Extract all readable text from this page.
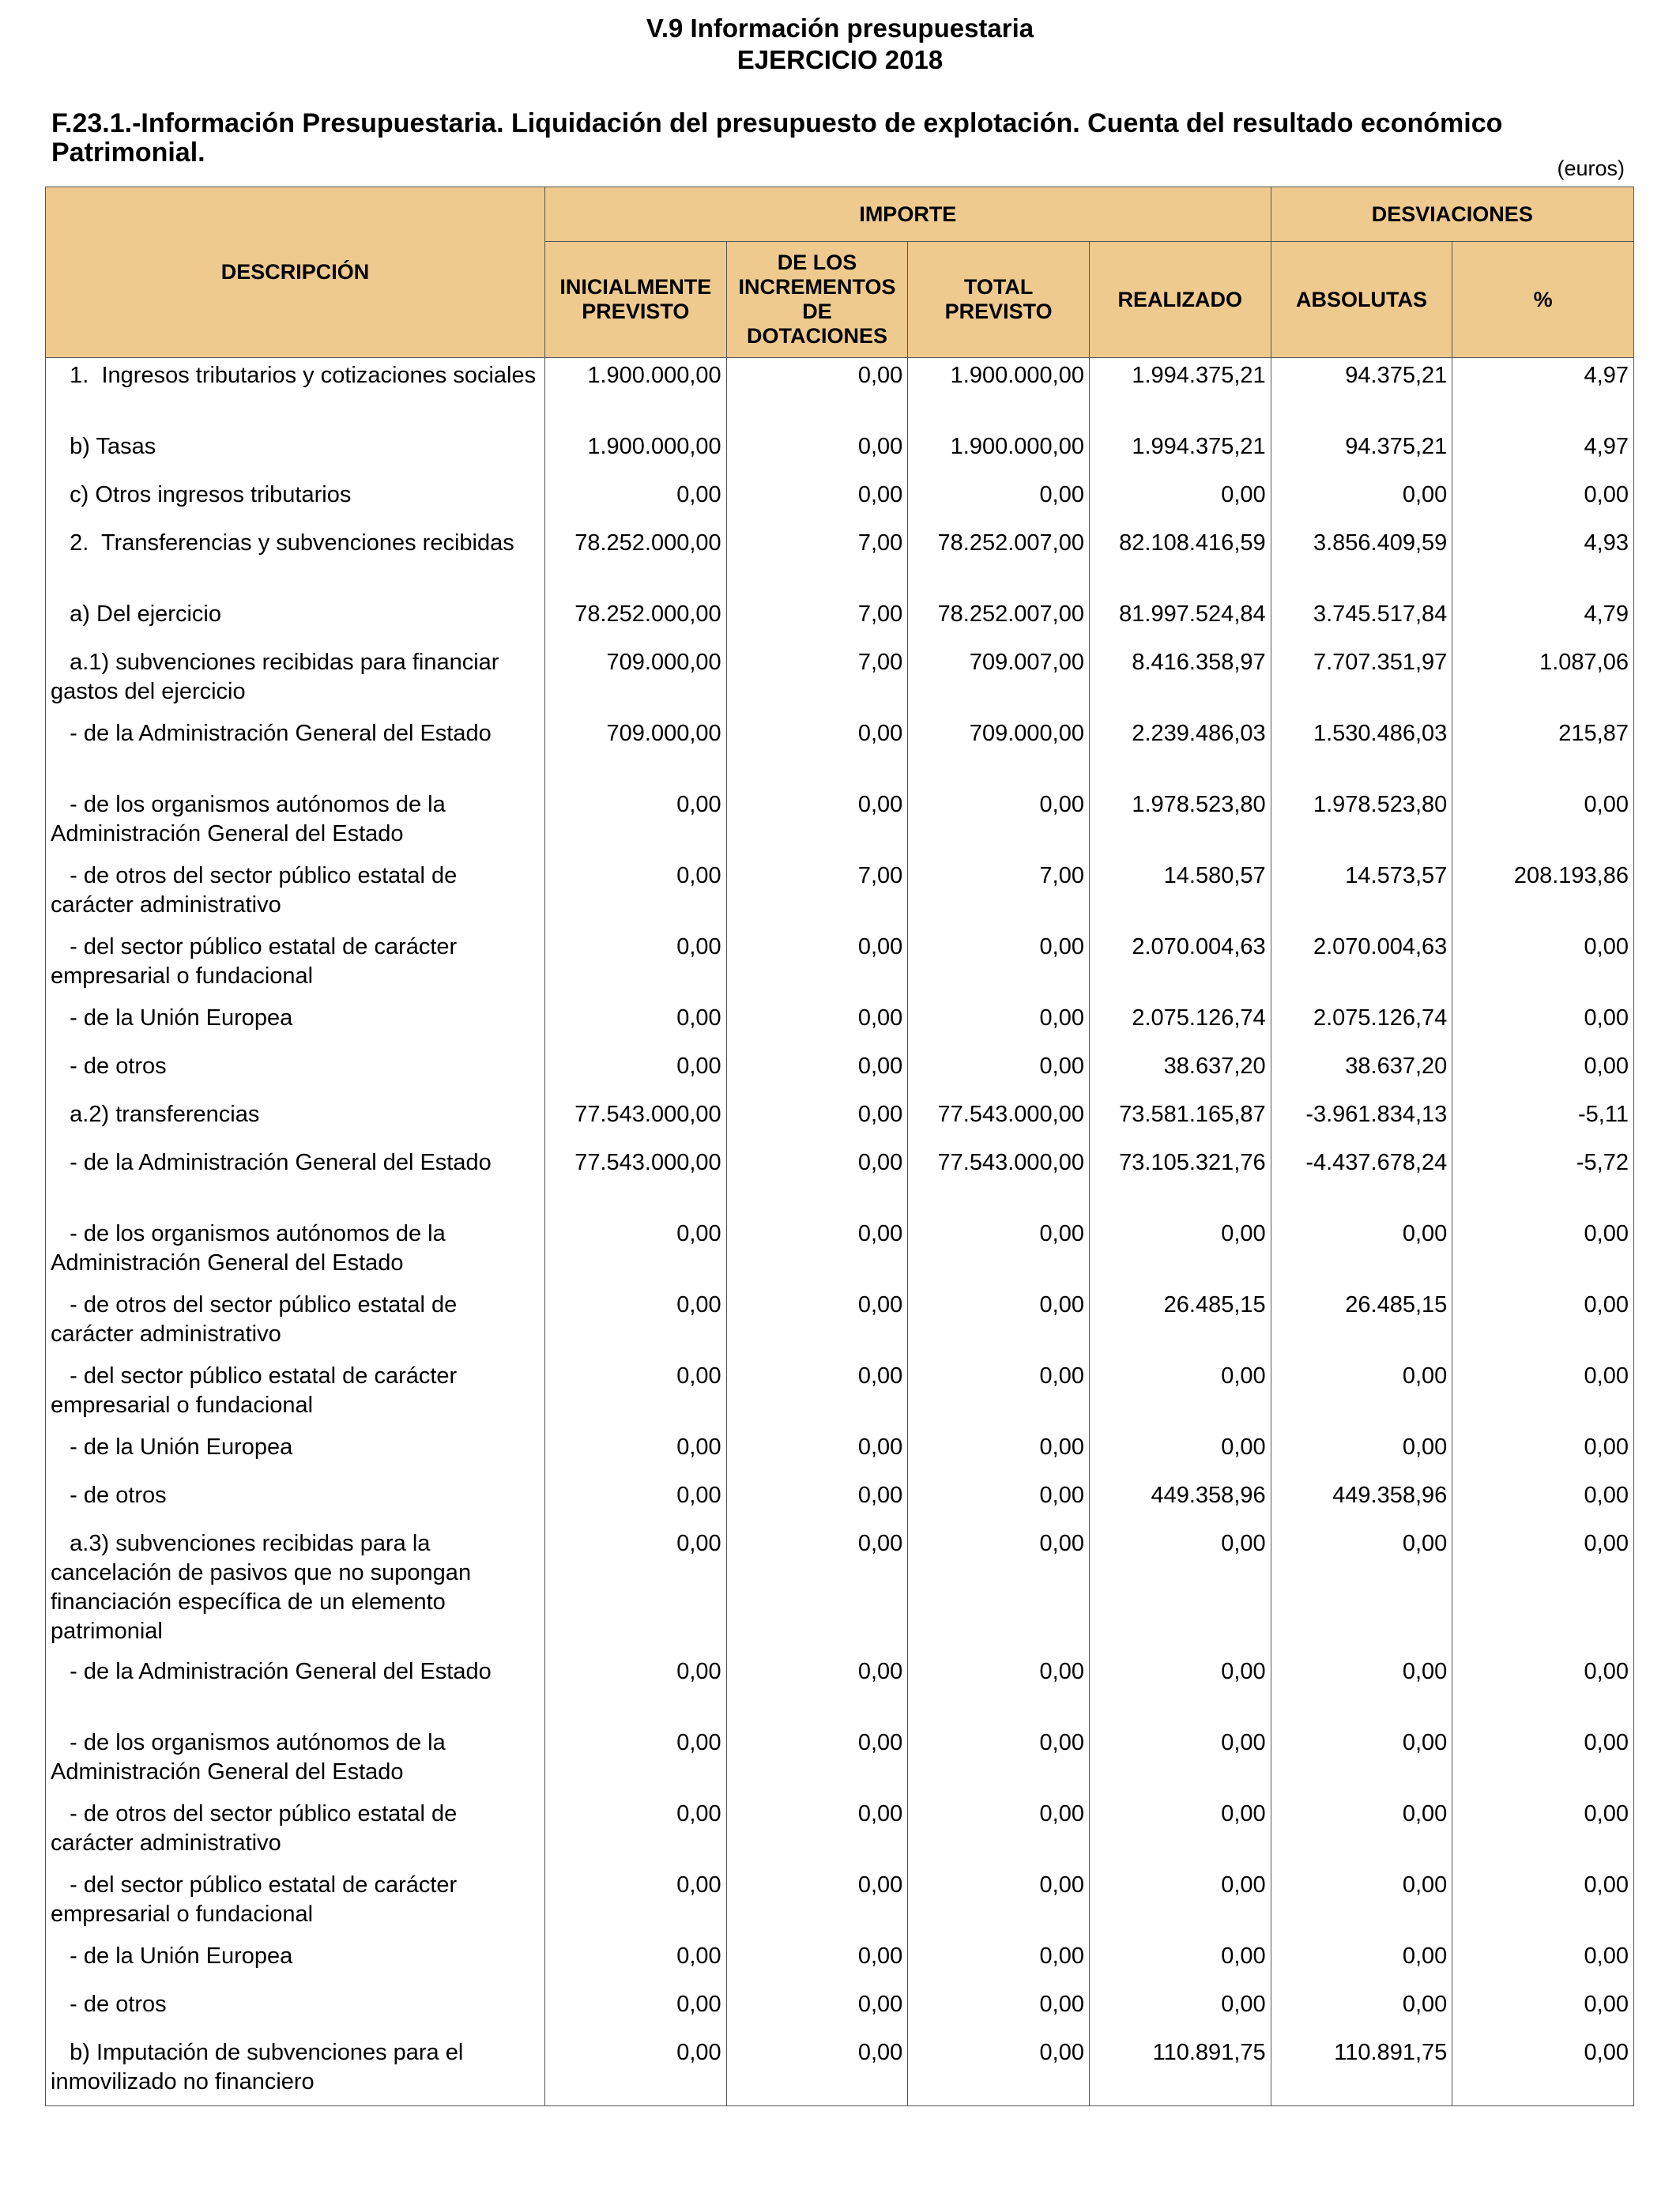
V.9 Información presupuestaria
EJERCICIO 2018
F.23.1.-Información Presupuestaria. Liquidación del presupuesto de explotación. Cuenta del resultado económico Patrimonial.
(euros)
DESCRIPCIÓN	IMPORTE				DESVIACIONES	
	INICIALMENTE PREVISTO	DE LOS INCREMENTOS DE DOTACIONES	TOTAL PREVISTO	REALIZADO	ABSOLUTAS	%
1.  Ingresos tributarios y cotizaciones sociales	1.900.000,00	0,00	1.900.000,00	1.994.375,21	94.375,21	4,97
b) Tasas	1.900.000,00	0,00	1.900.000,00	1.994.375,21	94.375,21	4,97
c) Otros ingresos tributarios	0,00	0,00	0,00	0,00	0,00	0,00
2.  Transferencias y subvenciones recibidas	78.252.000,00	7,00	78.252.007,00	82.108.416,59	3.856.409,59	4,93
a) Del ejercicio	78.252.000,00	7,00	78.252.007,00	81.997.524,84	3.745.517,84	4,79
a.1) subvenciones recibidas para financiar gastos del ejercicio	709.000,00	7,00	709.007,00	8.416.358,97	7.707.351,97	1.087,06
- de la Administración General del Estado	709.000,00	0,00	709.000,00	2.239.486,03	1.530.486,03	215,87
- de los organismos autónomos de la Administración General del Estado	0,00	0,00	0,00	1.978.523,80	1.978.523,80	0,00
- de otros del sector público estatal de carácter administrativo	0,00	7,00	7,00	14.580,57	14.573,57	208.193,86
- del sector público estatal de carácter empresarial o fundacional	0,00	0,00	0,00	2.070.004,63	2.070.004,63	0,00
- de la Unión Europea	0,00	0,00	0,00	2.075.126,74	2.075.126,74	0,00
- de otros	0,00	0,00	0,00	38.637,20	38.637,20	0,00
a.2) transferencias	77.543.000,00	0,00	77.543.000,00	73.581.165,87	-3.961.834,13	-5,11
- de la Administración General del Estado	77.543.000,00	0,00	77.543.000,00	73.105.321,76	-4.437.678,24	-5,72
- de los organismos autónomos de la Administración General del Estado	0,00	0,00	0,00	0,00	0,00	0,00
- de otros del sector público estatal de carácter administrativo	0,00	0,00	0,00	26.485,15	26.485,15	0,00
- del sector público estatal de carácter empresarial o fundacional	0,00	0,00	0,00	0,00	0,00	0,00
- de la Unión Europea	0,00	0,00	0,00	0,00	0,00	0,00
- de otros	0,00	0,00	0,00	449.358,96	449.358,96	0,00
a.3) subvenciones recibidas para la cancelación de pasivos que no supongan financiación específica de un elemento patrimonial	0,00	0,00	0,00	0,00	0,00	0,00
- de la Administración General del Estado	0,00	0,00	0,00	0,00	0,00	0,00
- de los organismos autónomos de la Administración General del Estado	0,00	0,00	0,00	0,00	0,00	0,00
- de otros del sector público estatal de carácter administrativo	0,00	0,00	0,00	0,00	0,00	0,00
- del sector público estatal de carácter empresarial o fundacional	0,00	0,00	0,00	0,00	0,00	0,00
- de la Unión Europea	0,00	0,00	0,00	0,00	0,00	0,00
- de otros	0,00	0,00	0,00	0,00	0,00	0,00
b) Imputación de subvenciones para el inmovilizado no financiero	0,00	0,00	0,00	110.891,75	110.891,75	0,00
